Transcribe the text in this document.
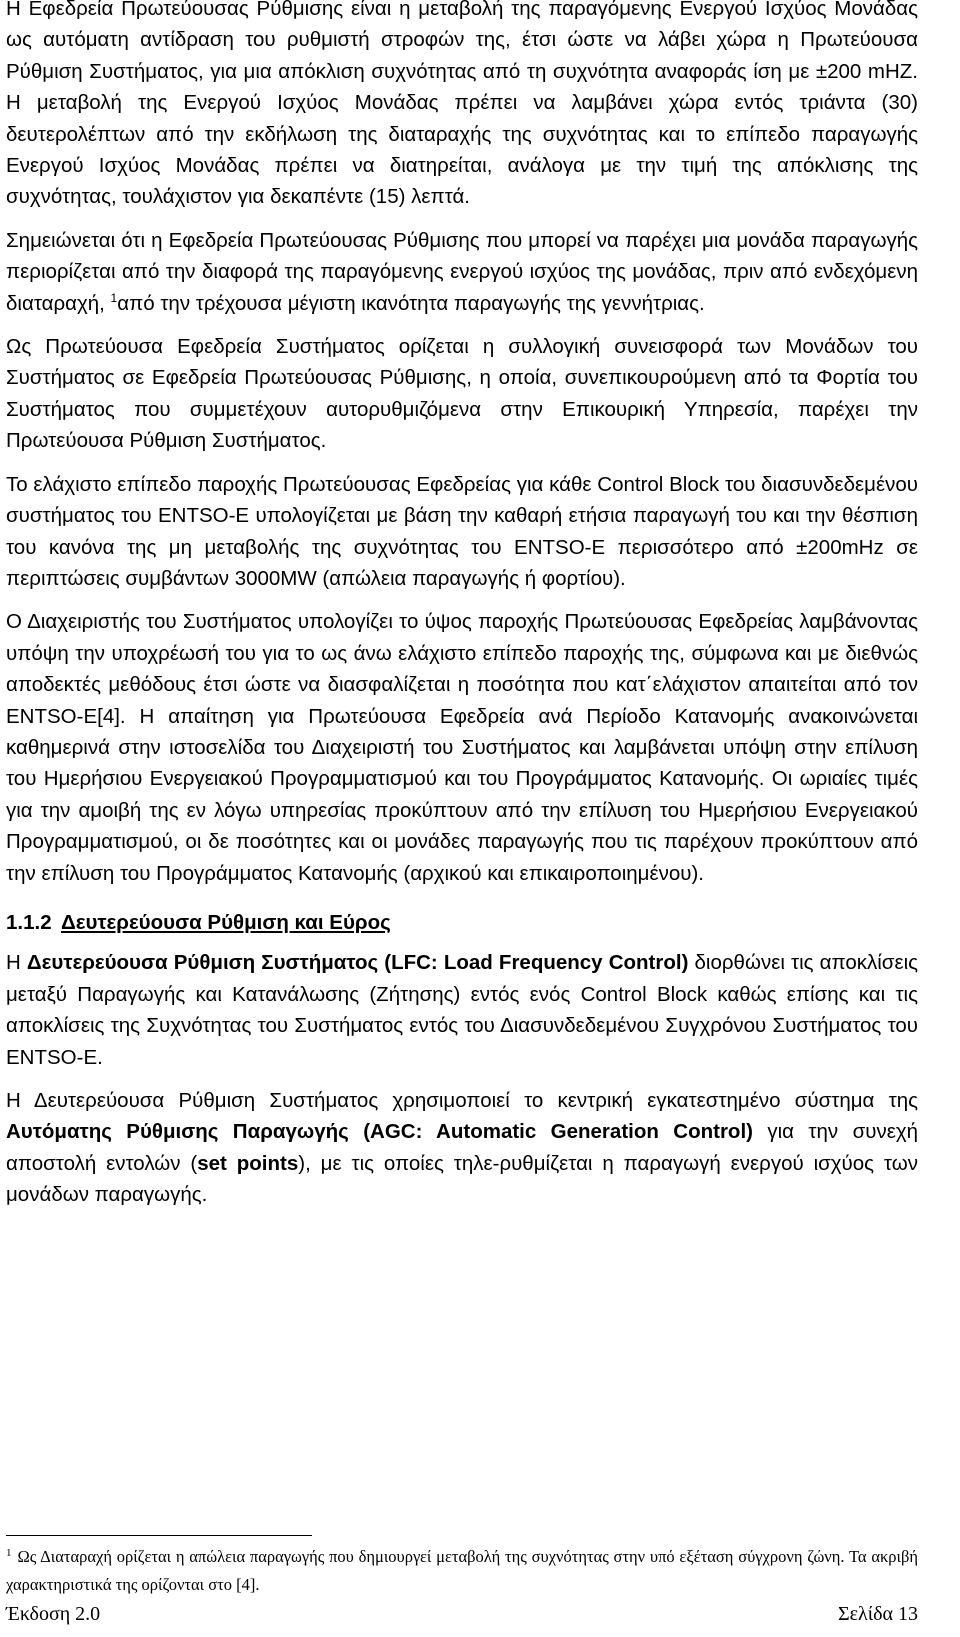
Η Εφεδρεία Πρωτεύουσας Ρύθμισης είναι η μεταβολή της παραγόμενης Ενεργού Ισχύος Μονάδας ως αυτόματη αντίδραση του ρυθμιστή στροφών της, έτσι ώστε να λάβει χώρα η Πρωτεύουσα Ρύθμιση Συστήματος, για μια απόκλιση συχνότητας από τη συχνότητα αναφοράς ίση με ±200 mHZ. Η μεταβολή της Ενεργού Ισχύος Μονάδας πρέπει να λαμβάνει χώρα εντός τριάντα (30) δευτερολέπτων από την εκδήλωση της διαταραχής της συχνότητας και το επίπεδο παραγωγής Ενεργού Ισχύος Μονάδας πρέπει να διατηρείται, ανάλογα με την τιμή της απόκλισης της συχνότητας, τουλάχιστον για δεκαπέντε (15) λεπτά.

Σημειώνεται ότι η Εφεδρεία Πρωτεύουσας Ρύθμισης που μπορεί να παρέχει μια μονάδα παραγωγής περιορίζεται από την διαφορά της παραγόμενης ενεργού ισχύος της μονάδας, πριν από ενδεχόμενη διαταραχή, $^1$από την τρέχουσα μέγιστη ικανότητα παραγωγής της γεννήτριας.

Ως Πρωτεύουσα Εφεδρεία Συστήματος ορίζεται η συλλογική συνεισφορά των Μονάδων του Συστήματος σε Εφεδρεία Πρωτεύουσας Ρύθμισης, η οποία, συνεπικουρούμενη από τα Φορτία του Συστήματος που συμμετέχουν αυτορυθμιζόμενα στην Επικουρική Υπηρεσία, παρέχει την Πρωτεύουσα Ρύθμιση Συστήματος.

Το ελάχιστο επίπεδο παροχής Πρωτεύουσας Εφεδρείας για κάθε Control Block του διασυνδεδεμένου συστήματος του ENTSO-E υπολογίζεται με βάση την καθαρή ετήσια παραγωγή του και την θέσπιση του κανόνα της μη μεταβολής της συχνότητας του ENTSO-E περισσότερο από ±200mHz σε περιπτώσεις συμβάντων 3000MW (απώλεια παραγωγής ή φορτίου).

Ο Διαχειριστής του Συστήματος υπολογίζει το ύψος παροχής Πρωτεύουσας Εφεδρείας λαμβάνοντας υπόψη την υποχρέωσή του για το ως άνω ελάχιστο επίπεδο παροχής της, σύμφωνα και με διεθνώς αποδεκτές μεθόδους έτσι ώστε να διασφαλίζεται η ποσότητα που κατ΄ελάχιστον απαιτείται από τον ENTSO-E[4]. Η απαίτηση για Πρωτεύουσα Εφεδρεία ανά Περίοδο Κατανομής ανακοινώνεται καθημερινά στην ιστοσελίδα του Διαχειριστή του Συστήματος και λαμβάνεται υπόψη στην επίλυση του Ημερήσιου Ενεργειακού Προγραμματισμού και του Προγράμματος Κατανομής. Οι ωριαίες τιμές για την αμοιβή της εν λόγω υπηρεσίας προκύπτουν από την επίλυση του Ημερήσιου Ενεργειακού Προγραμματισμού, οι δε ποσότητες και οι μονάδες παραγωγής που τις παρέχουν προκύπτουν από την επίλυση του Προγράμματος Κατανομής (αρχικού και επικαιροποιημένου).

1.1.2 Δευτερεύουσα Ρύθμιση και Εύρος

Η Δευτερεύουσα Ρύθμιση Συστήματος (LFC: Load Frequency Control) διορθώνει τις αποκλίσεις μεταξύ Παραγωγής και Κατανάλωσης (Ζήτησης) εντός ενός Control Block καθώς επίσης και τις αποκλίσεις της Συχνότητας του Συστήματος εντός του Διασυνδεδεμένου Συγχρόνου Συστήματος του ENTSO-E.

Η Δευτερεύουσα Ρύθμιση Συστήματος χρησιμοποιεί το κεντρική εγκατεστημένο σύστημα της Αυτόματης Ρύθμισης Παραγωγής (AGC: Automatic Generation Control) για την συνεχή αποστολή εντολών (set points), με τις οποίες τηλε-ρυθμίζεται η παραγωγή ενεργού ισχύος των μονάδων παραγωγής.

$^1$ Ως Διαταραχή ορίζεται η απώλεια παραγωγής που δημιουργεί μεταβολή της συχνότητας στην υπό εξέταση σύγχρονη ζώνη. Τα ακριβή χαρακτηριστικά της ορίζονται στο [4].
Έκδοση 2.0	Σελίδα 13
